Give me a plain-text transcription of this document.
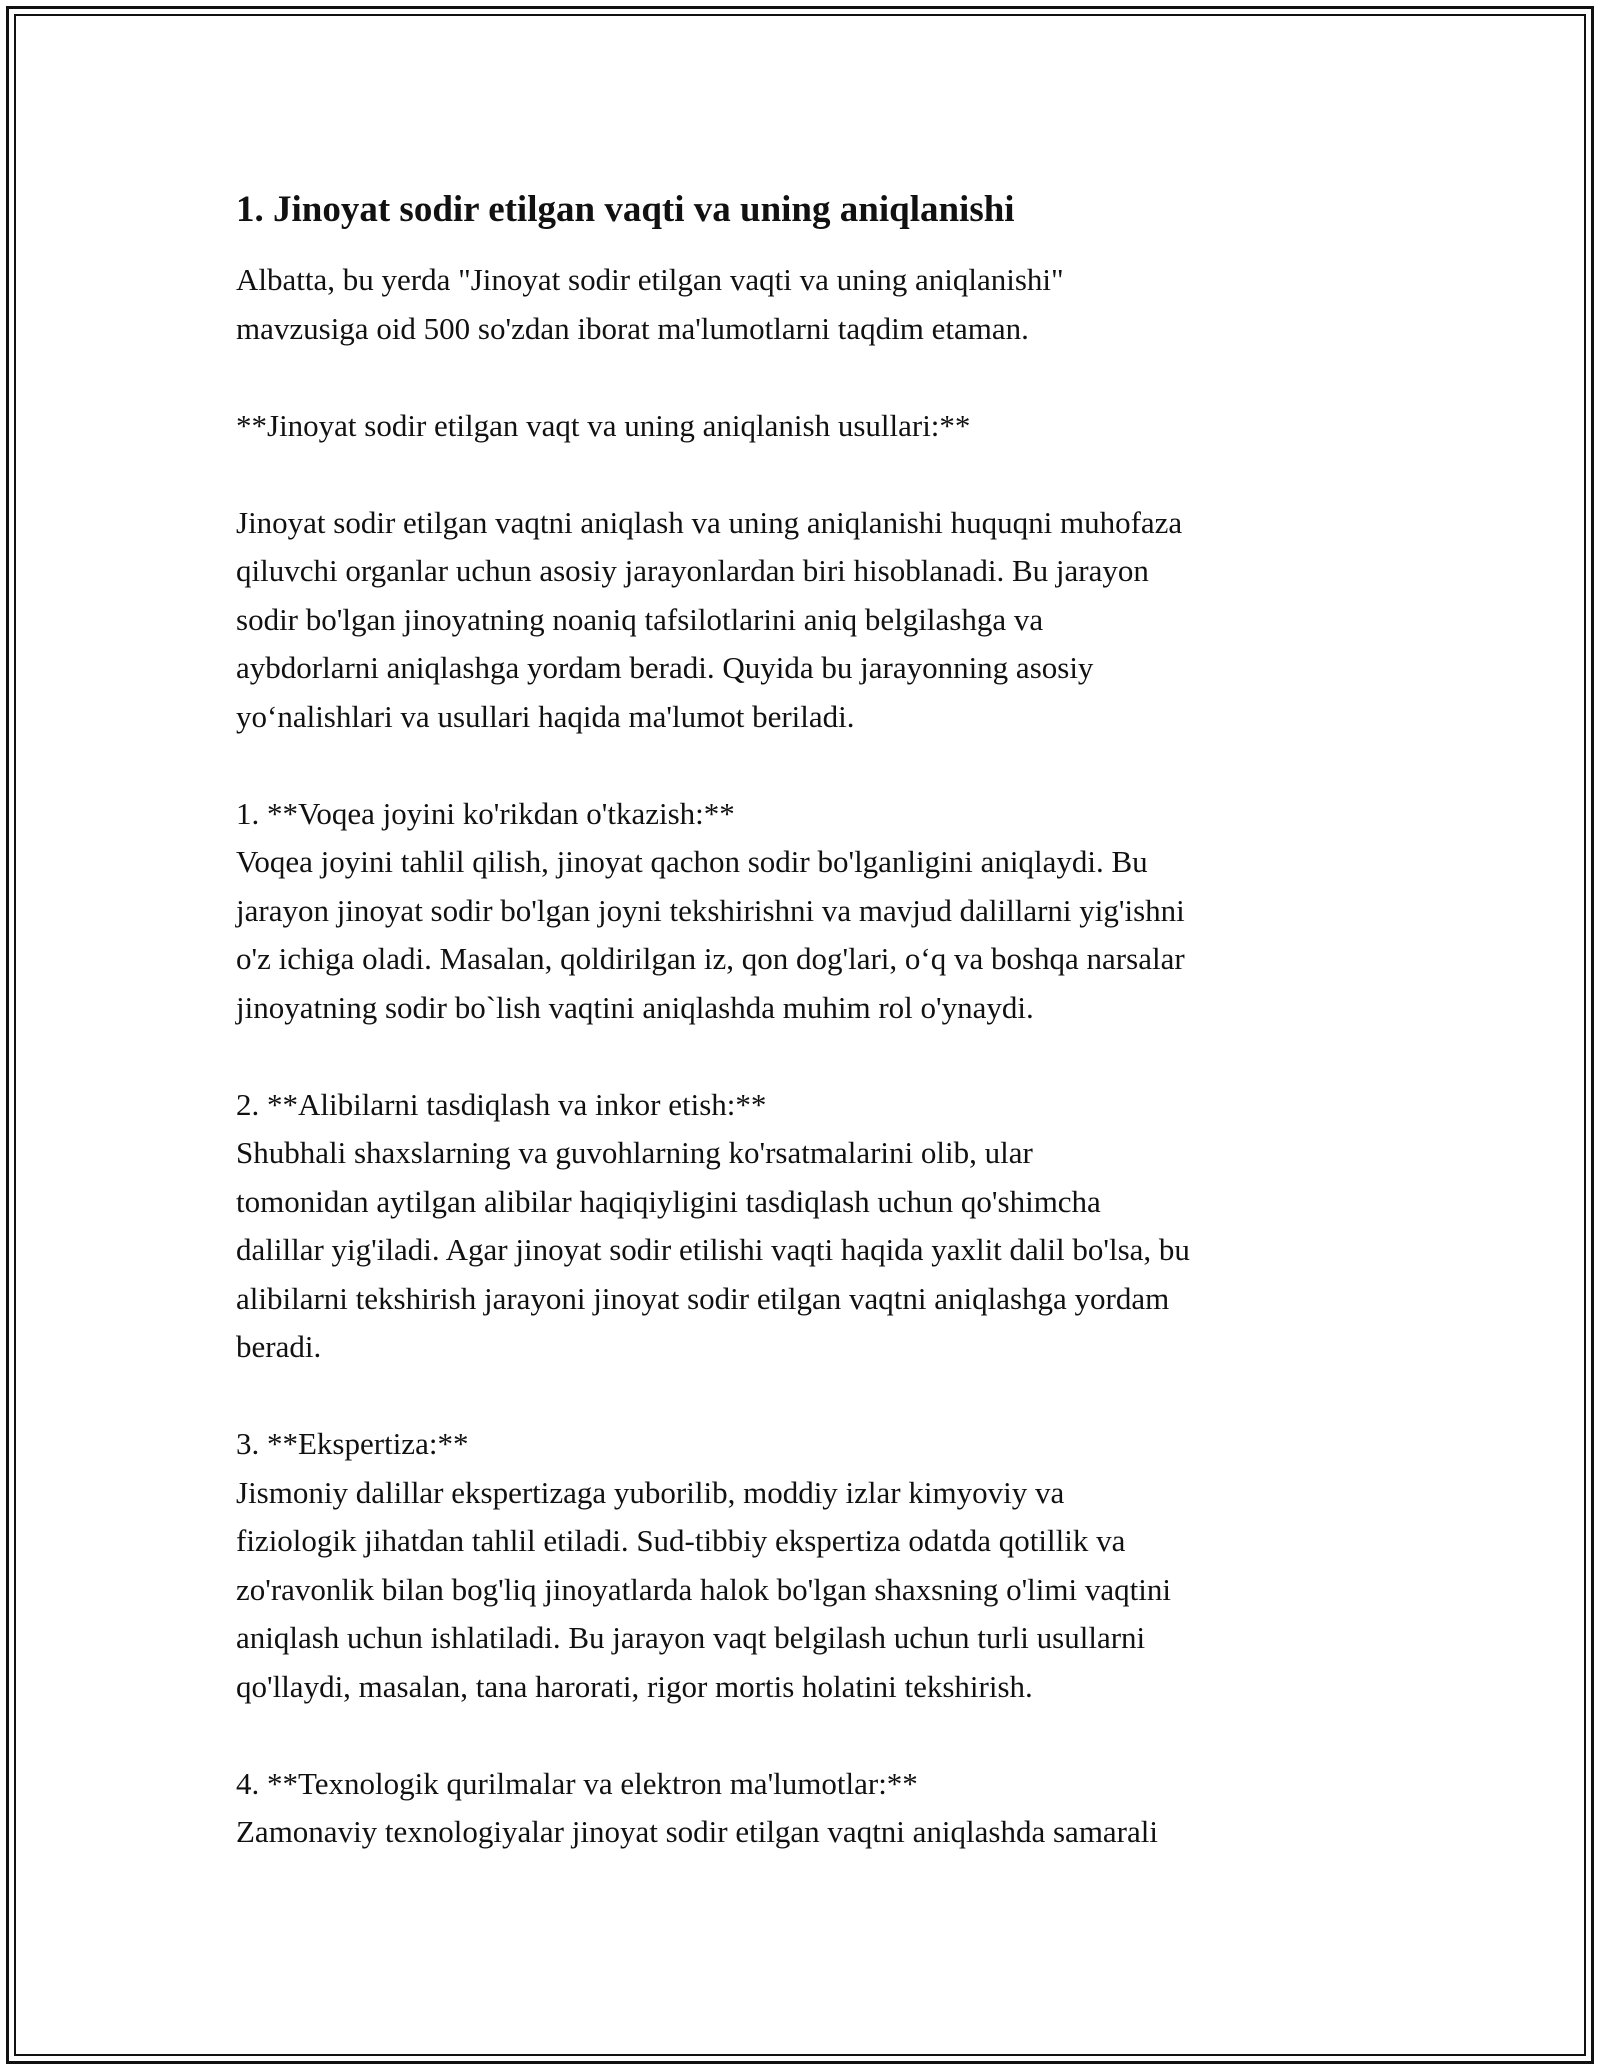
1. Jinoyat sodir etilgan vaqti va uning aniqlanishi

Albatta, bu yerda "Jinoyat sodir etilgan vaqti va uning aniqlanishi"
mavzusiga oid 500 so'zdan iborat ma'lumotlarni taqdim etaman.

**Jinoyat sodir etilgan vaqt va uning aniqlanish usullari:**

Jinoyat sodir etilgan vaqtni aniqlash va uning aniqlanishi huquqni muhofaza
qiluvchi organlar uchun asosiy jarayonlardan biri hisoblanadi. Bu jarayon
sodir bo'lgan jinoyatning noaniq tafsilotlarini aniq belgilashga va
aybdorlarni aniqlashga yordam beradi. Quyida bu jarayonning asosiy
yo‘nalishlari va usullari haqida ma'lumot beriladi.

1. **Voqea joyini ko'rikdan o'tkazish:**

Voqea joyini tahlil qilish, jinoyat qachon sodir bo'lganligini aniqlaydi. Bu
jarayon jinoyat sodir bo'lgan joyni tekshirishni va mavjud dalillarni yig'ishni
o'z ichiga oladi. Masalan, qoldirilgan iz, qon dog'lari, o‘q va boshqa narsalar
jinoyatning sodir bo`lish vaqtini aniqlashda muhim rol o'ynaydi.

2. **Alibilarni tasdiqlash va inkor etish:**

Shubhali shaxslarning va guvohlarning ko'rsatmalarini olib, ular
tomonidan aytilgan alibilar haqiqiyligini tasdiqlash uchun qo'shimcha
dalillar yig'iladi. Agar jinoyat sodir etilishi vaqti haqida yaxlit dalil bo'lsa, bu
alibilarni tekshirish jarayoni jinoyat sodir etilgan vaqtni aniqlashga yordam
beradi.

3. **Ekspertiza:**

Jismoniy dalillar ekspertizaga yuborilib, moddiy izlar kimyoviy va
fiziologik jihatdan tahlil etiladi. Sud-tibbiy ekspertiza odatda qotillik va
zo'ravonlik bilan bog'liq jinoyatlarda halok bo'lgan shaxsning o'limi vaqtini
aniqlash uchun ishlatiladi. Bu jarayon vaqt belgilash uchun turli usullarni
qo'llaydi, masalan, tana harorati, rigor mortis holatini tekshirish.

4. **Texnologik qurilmalar va elektron ma'lumotlar:**

Zamonaviy texnologiyalar jinoyat sodir etilgan vaqtni aniqlashda samarali
